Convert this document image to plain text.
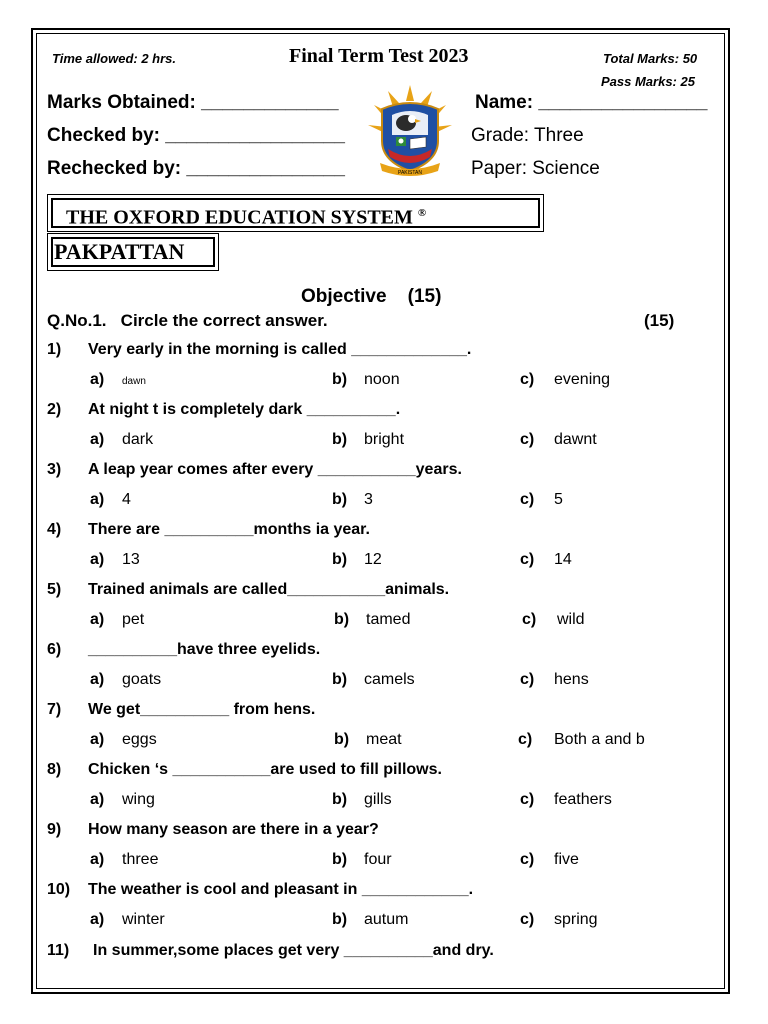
Time allowed: 2 hrs.	Final Term Test 2023	Total Marks: 50
Pass Marks: 25
Marks Obtained: _____________
Checked by: _________________
Rechecked by: _______________
Name: ________________
Grade: Three
Paper: Science
PAKISTAN
THE OXFORD EDUCATION SYSTEM ®
PAKPATTAN
Objective    (15)
Q.No.1.   Circle the correct answer.	(15)
1) Very early in the morning is called _____________.
a) dawn	b) noon	c) evening
2) At night t is completely dark __________.
a) dark	b) bright	c) dawnt
3) A leap year comes after every ___________years.
a) 4	b) 3	c) 5
4) There are __________months ia year.
a) 13	b) 12	c) 14
5) Trained animals are called___________animals.
a) pet	b) tamed	c) wild
6) __________have three eyelids.
a) goats	b) camels	c) hens
7) We get__________ from hens.
a) eggs	b) meat	c) Both a and b
8) Chicken ‘s ___________are used to fill pillows.
a) wing	b) gills	c) feathers
9) How many season are there in a year?
a) three	b) four	c) five
10) The weather is cool and pleasant in ____________.
a) winter	b) autum	c) spring
11) In summer,some places get very __________and dry.
